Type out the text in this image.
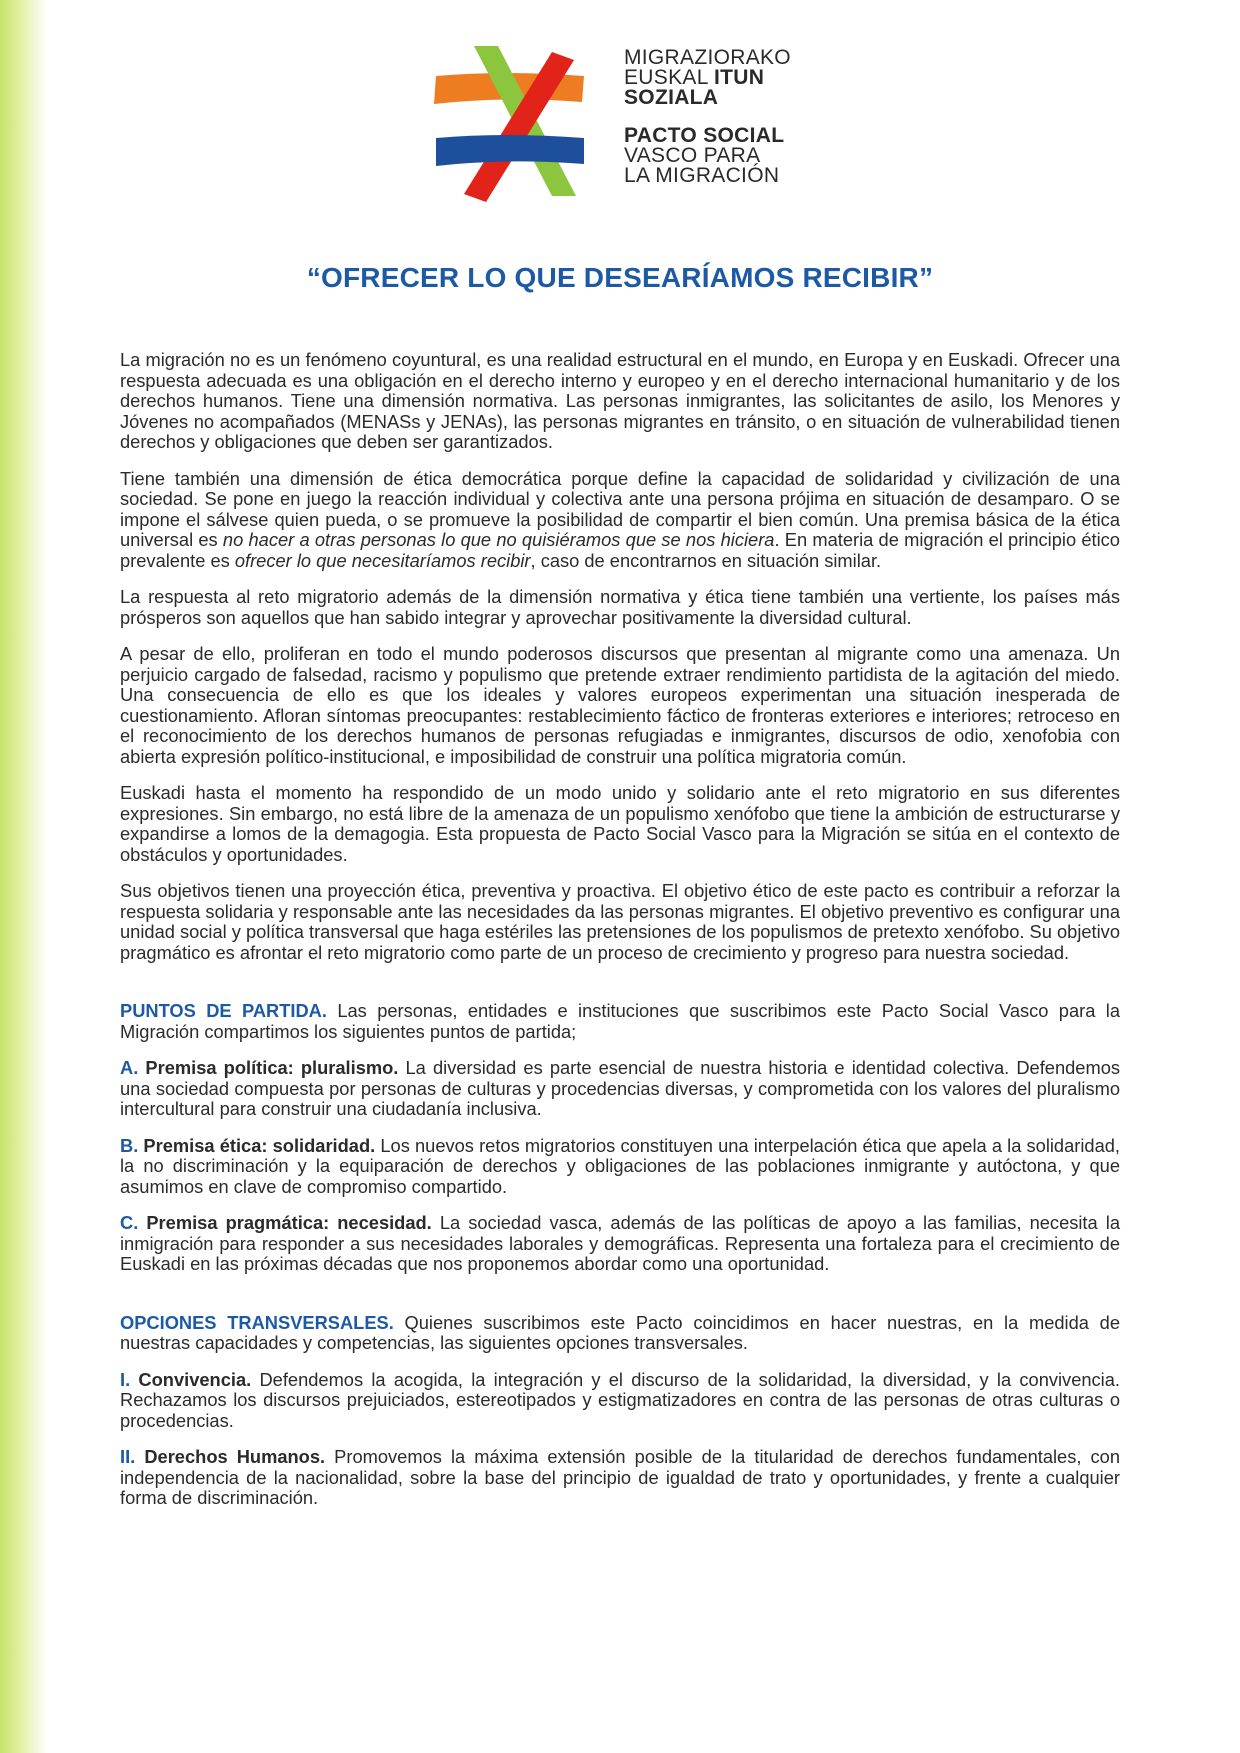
MIGRAZIORAKO
EUSKAL ITUN
SOZIALA
PACTO SOCIAL
VASCO PARA
LA MIGRACIÓN
“OFRECER LO QUE DESEARÍAMOS RECIBIR”

La migración no es un fenómeno coyuntural, es una realidad estructural en el mundo, en Europa y en Euskadi. Ofrecer una respuesta adecuada es una obligación en el derecho interno y europeo y en el derecho internacional humanitario y de los derechos humanos. Tiene una dimensión normativa. Las personas inmigrantes, las solicitantes de asilo, los Menores y Jóvenes no acompañados (MENASs y JENAs), las personas migrantes en tránsito, o en situación de vulnerabilidad tienen derechos y obligaciones que deben ser garantizados.

Tiene también una dimensión de ética democrática porque define la capacidad de solidaridad y civilización de una sociedad. Se pone en juego la reacción individual y colectiva ante una persona prójima en situación de desamparo. O se impone el sálvese quien pueda, o se promueve la posibilidad de compartir el bien común. Una premisa básica de la ética universal es no hacer a otras personas lo que no quisiéramos que se nos hiciera. En materia de migración el principio ético prevalente es ofrecer lo que necesitaríamos recibir, caso de encontrarnos en situación similar.

La respuesta al reto migratorio además de la dimensión normativa y ética tiene también una vertiente, los países más prósperos son aquellos que han sabido integrar y aprovechar positivamente la diversidad cultural.

A pesar de ello, proliferan en todo el mundo poderosos discursos que presentan al migrante como una amenaza. Un perjuicio cargado de falsedad, racismo y populismo que pretende extraer rendimiento partidista de la agitación del miedo. Una consecuencia de ello es que los ideales y valores europeos experimentan una situación inesperada de cuestionamiento. Afloran síntomas preocupantes: restablecimiento fáctico de fronteras exteriores e interiores; retroceso en el reconocimiento de los derechos humanos de personas refugiadas e inmigrantes, discursos de odio, xenofobia con abierta expresión político-institucional, e imposibilidad de construir una política migratoria común.

Euskadi hasta el momento ha respondido de un modo unido y solidario ante el reto migratorio en sus diferentes expresiones. Sin embargo, no está libre de la amenaza de un populismo xenófobo que tiene la ambición de estructurarse y expandirse a lomos de la demagogia. Esta propuesta de Pacto Social Vasco para la Migración se sitúa en el contexto de obstáculos y oportunidades.

Sus objetivos tienen una proyección ética, preventiva y proactiva. El objetivo ético de este pacto es contribuir a reforzar la respuesta solidaria y responsable ante las necesidades da las personas migrantes. El objetivo preventivo es configurar una unidad social y política transversal que haga estériles las pretensiones de los populismos de pretexto xenófobo. Su objetivo pragmático es afrontar el reto migratorio como parte de un proceso de crecimiento y progreso para nuestra sociedad.

PUNTOS DE PARTIDA. Las personas, entidades e instituciones que suscribimos este Pacto Social Vasco para la Migración compartimos los siguientes puntos de partida;

A. Premisa política: pluralismo. La diversidad es parte esencial de nuestra historia e identidad colectiva. Defendemos una sociedad compuesta por personas de culturas y procedencias diversas, y comprometida con los valores del pluralismo intercultural para construir una ciudadanía inclusiva.

B. Premisa ética: solidaridad. Los nuevos retos migratorios constituyen una interpelación ética que apela a la solidaridad, la no discriminación y la equiparación de derechos y obligaciones de las poblaciones inmigrante y autóctona, y que asumimos en clave de compromiso compartido.

C. Premisa pragmática: necesidad. La sociedad vasca, además de las políticas de apoyo a las familias, necesita la inmigración para responder a sus necesidades laborales y demográficas. Representa una fortaleza para el crecimiento de Euskadi en las próximas décadas que nos proponemos abordar como una oportunidad.

OPCIONES TRANSVERSALES. Quienes suscribimos este Pacto coincidimos en hacer nuestras, en la medida de nuestras capacidades y competencias, las siguientes opciones transversales.

I. Convivencia. Defendemos la acogida, la integración y el discurso de la solidaridad, la diversidad, y la convivencia. Rechazamos los discursos prejuiciados, estereotipados y estigmatizadores en contra de las personas de otras culturas o procedencias.

II. Derechos Humanos. Promovemos la máxima extensión posible de la titularidad de derechos fundamentales, con independencia de la nacionalidad, sobre la base del principio de igualdad de trato y oportunidades, y frente a cualquier forma de discriminación.
